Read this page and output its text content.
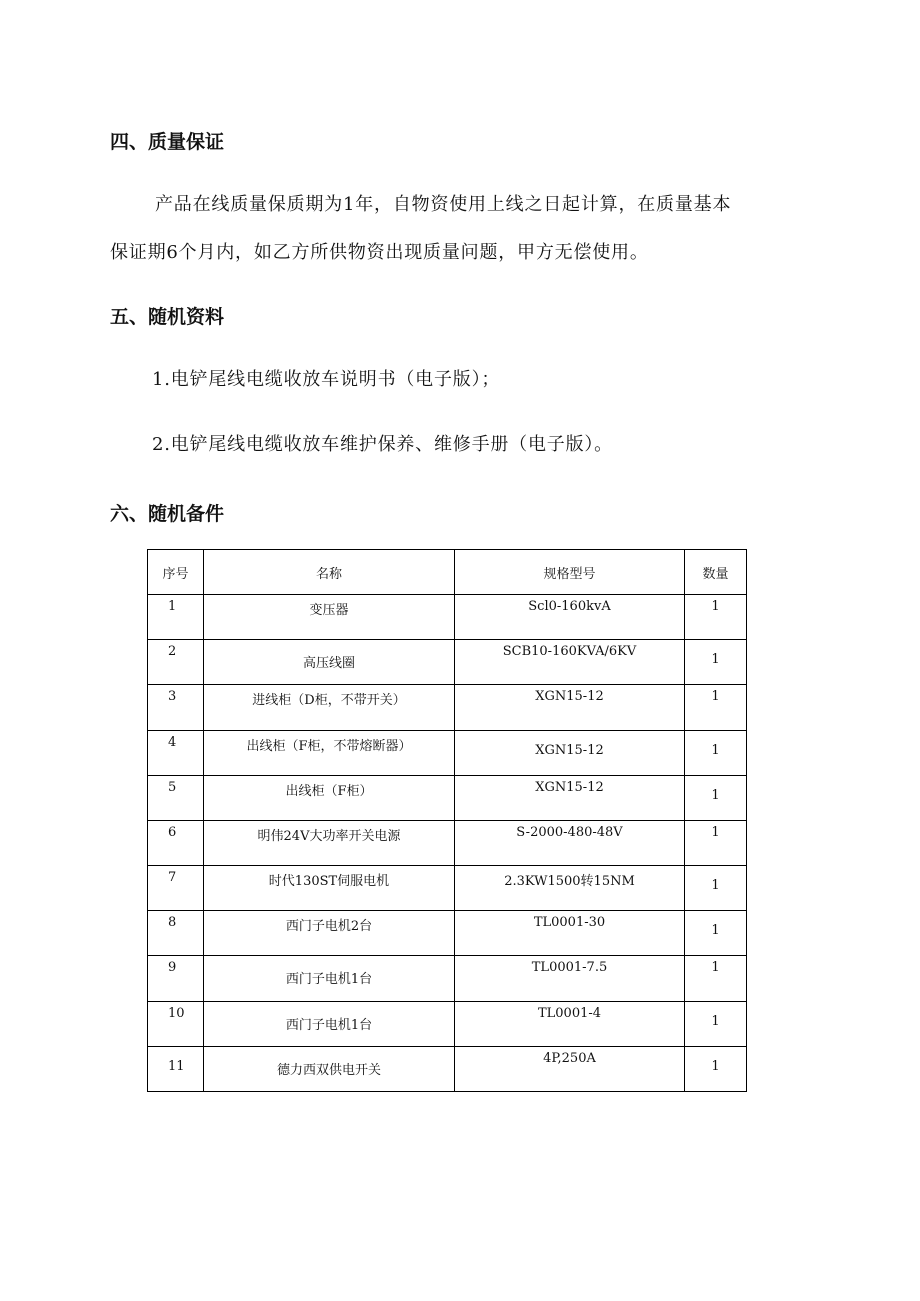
四、质量保证
产品在线质量保质期为1年，自物资使用上线之日起计算，在质量基本
保证期6个月内，如乙方所供物资出现质量问题，甲方无偿使用。
五、随机资料
1.电铲尾线电缆收放车说明书（电子版）；
2.电铲尾线电缆收放车维护保养、维修手册（电子版）。
六、随机备件
序号	名称	规格型号	数量

1	变压器	Scl0-160kvA	1

2	高压线圈	SCB10-160KVA/6KV	1

3	进线柜（D柜，不带开关）	XGN15-12	1

4	出线柜（F柜，不带熔断器）	XGN15-12	1

5	出线柜（F柜）	XGN15-12	1

6	明伟24V大功率开关电源	S-2000-480-48V	1

7	时代130ST伺服电机	2.3KW1500转15NM	1

8	西门子电机2台	TL0001-30	1

9	西门子电机1台	TL0001-7.5	1

10	西门子电机1台	TL0001-4	1

11	德力西双供电开关	4P,250A	1
